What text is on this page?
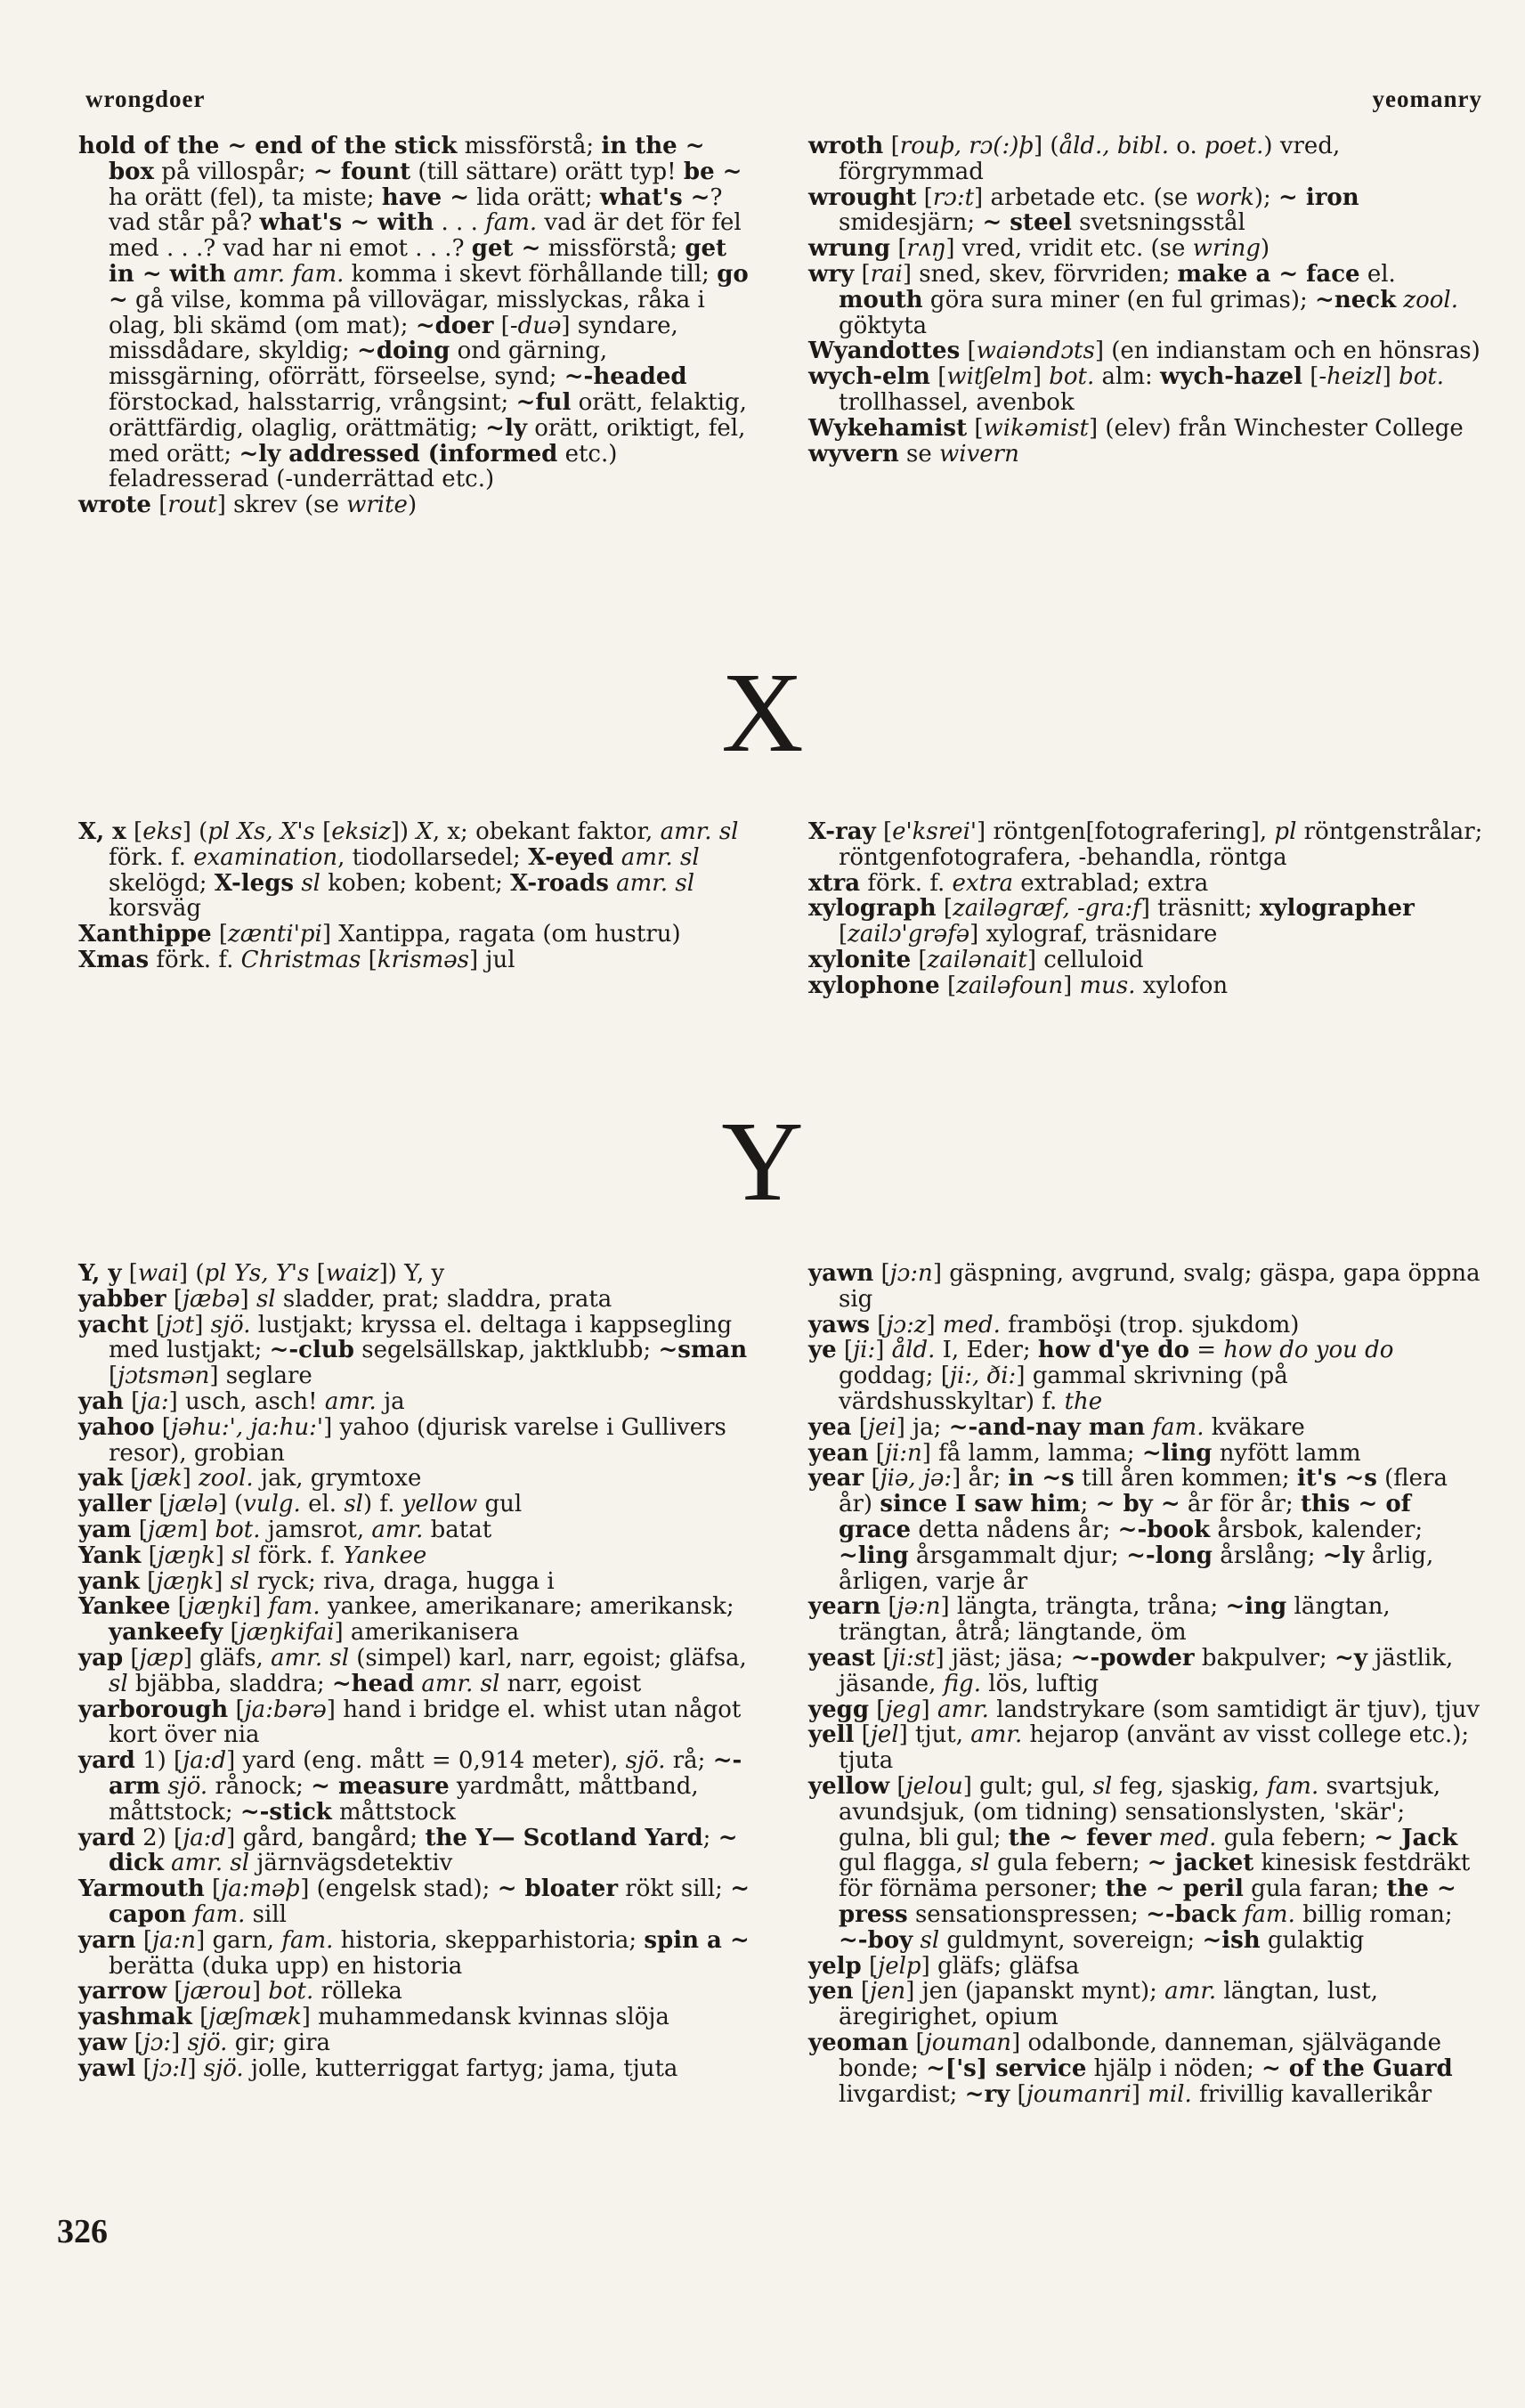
wrongdoer	yeomanry

hold of the ~ end of the stick missförstå; in the ~ box på villospår; ~ fount (till sättare) orätt typ! be ~ ha orätt (fel), ta miste; have ~ lida orätt; what's ~? vad står på? what's ~ with . . . fam. vad är det för fel med . . .? vad har ni emot . . .? get ~ missförstå; get in ~ with amr. fam. komma i skevt förhållande till; go ~ gå vilse, komma på villovägar, misslyckas, råka i olag, bli skämd (om mat); ~doer [-duə] syndare, missdådare, skyldig; ~doing ond gärning, missgärning, oförrätt, förseelse, synd; ~-headed förstockad, halsstarrig, vrångsint; ~ful orätt, felaktig, orättfärdig, olaglig, orättmätig; ~ly orätt, oriktigt, fel, med orätt; ~ly addressed (informed etc.) feladresserad (-underrättad etc.)

wrote [rout] skrev (se write)

wroth [rouþ, rɔ(:)þ] (åld., bibl. o. poet.) vred, förgrymmad

wrought [rɔ:t] arbetade etc. (se work); ~ iron smidesjärn; ~ steel svetsningsstål

wrung [rʌŋ] vred, vridit etc. (se wring)

wry [rai] sned, skev, förvriden; make a ~ face el. mouth göra sura miner (en ful grimas); ~neck zool. göktyta

Wyandottes [waiəndɔts] (en indianstam och en hönsras)

wych-elm [witʃelm] bot. alm: wych-hazel [-heizl] bot. trollhassel, avenbok

Wykehamist [wikəmist] (elev) från Winchester College

wyvern se wivern

X

X, x [eks] (pl Xs, X's [eksiz]) X, x; obekant faktor, amr. sl förk. f. examination, tiodollarsedel; X-eyed amr. sl skelögd; X-legs sl koben; kobent; X-roads amr. sl korsväg

Xanthippe [zænti'pi] Xantippa, ragata (om hustru)

Xmas förk. f. Christmas [krisməs] jul

X-ray [e'ksrei'] röntgen[fotografering], pl röntgenstrålar; röntgenfotografera, -behandla, röntga

xtra förk. f. extra extrablad; extra

xylograph [zailəgræf, -gra:f] träsnitt; xylographer [zailɔ'grəfə] xylograf, träsnidare

xylonite [zailənait] celluloid

xylophone [zailəfoun] mus. xylofon

Y

Y, y [wai] (pl Ys, Y's [waiz]) Y, y

yabber [jæbə] sl sladder, prat; sladdra, prata

yacht [jɔt] sjö. lustjakt; kryssa el. deltaga i kappsegling med lustjakt; ~-club segelsällskap, jaktklubb; ~sman [jɔtsmən] seglare

yah [ja:] usch, asch! amr. ja

yahoo [jəhu:', ja:hu:'] yahoo (djurisk varelse i Gullivers resor), grobian

yak [jæk] zool. jak, grymtoxe

yaller [jælə] (vulg. el. sl) f. yellow gul

yam [jæm] bot. jamsrot, amr. batat

Yank [jæŋk] sl förk. f. Yankee

yank [jæŋk] sl ryck; riva, draga, hugga i

Yankee [jæŋki] fam. yankee, amerikanare; amerikansk; yankeefy [jæŋkifai] amerikanisera

yap [jæp] gläfs, amr. sl (simpel) karl, narr, egoist; gläfsa, sl bjäbba, sladdra; ~head amr. sl narr, egoist

yarborough [ja:bərə] hand i bridge el. whist utan något kort över nia

yard 1) [ja:d] yard (eng. mått = 0,914 meter), sjö. rå; ~-arm sjö. rånock; ~ measure yardmått, måttband, måttstock; ~-stick måttstock

yard 2) [ja:d] gård, bangård; the Y— Scotland Yard; ~ dick amr. sl järnvägsdetektiv

Yarmouth [ja:məþ] (engelsk stad); ~ bloater rökt sill; ~ capon fam. sill

yarn [ja:n] garn, fam. historia, skepparhistoria; spin a ~ berätta (duka upp) en historia

yarrow [jærou] bot. rölleka

yashmak [jæʃmæk] muhammedansk kvinnas slöja

yaw [jɔ:] sjö. gir; gira

yawl [jɔ:l] sjö. jolle, kutterriggat fartyg; jama, tjuta

yawn [jɔ:n] gäspning, avgrund, svalg; gäspa, gapa öppna sig

yaws [jɔ:z] med. framböşi (trop. sjukdom)

ye [ji:] åld. I, Eder; how d'ye do = how do you do goddag; [ji:, ði:] gammal skrivning (på värdshusskyltar) f. the

yea [jei] ja; ~-and-nay man fam. kväkare

yean [ji:n] få lamm, lamma; ~ling nyfött lamm

year [jiə, jə:] år; in ~s till åren kommen; it's ~s (flera år) since I saw him; ~ by ~ år för år; this ~ of grace detta nådens år; ~-book årsbok, kalender; ~ling årsgammalt djur; ~-long årslång; ~ly årlig, årligen, varje år

yearn [jə:n] längta, trängta, tråna; ~ing längtan, trängtan, åtrå; längtande, öm

yeast [ji:st] jäst; jäsa; ~-powder bakpulver; ~y jästlik, jäsande, fig. lös, luftig

yegg [jeg] amr. landstrykare (som samtidigt är tjuv), tjuv

yell [jel] tjut, amr. hejarop (använt av visst college etc.); tjuta

yellow [jelou] gult; gul, sl feg, sjaskig, fam. svartsjuk, avundsjuk, (om tidning) sensationslysten, 'skär'; gulna, bli gul; the ~ fever med. gula febern; ~ Jack gul flagga, sl gula febern; ~ jacket kinesisk festdräkt för förnäma personer; the ~ peril gula faran; the ~ press sensationspressen; ~-back fam. billig roman; ~-boy sl guldmynt, sovereign; ~ish gulaktig

yelp [jelp] gläfs; gläfsa

yen [jen] jen (japanskt mynt); amr. längtan, lust, äregirighet, opium

yeoman [jouman] odalbonde, danneman, självägande bonde; ~['s] service hjälp i nöden; ~ of the Guard livgardist; ~ry [joumanri] mil. frivillig kavallerikår

326
